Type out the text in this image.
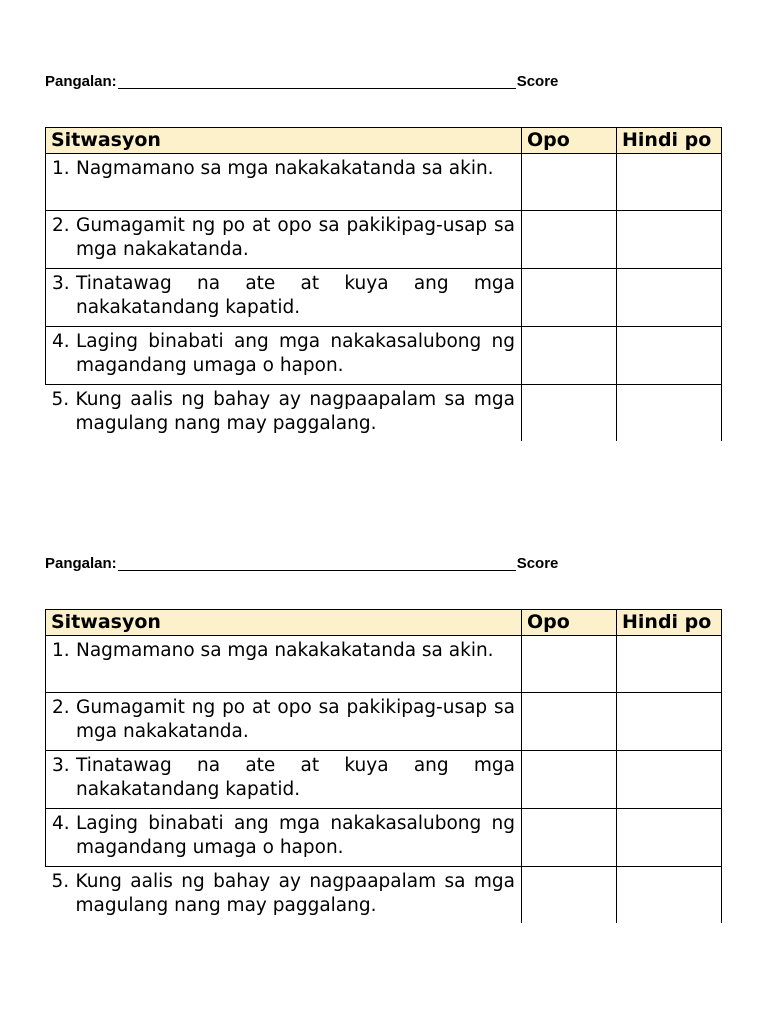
Pangalan:	Score
Sitwasyon	Opo	Hindi po

1. Nagmamano sa mga nakakakatanda sa akin.		

2. Gumagamit ng po at opo sa pakikipag-usap sa mga nakakatanda.		

3. Tinatawag na ate at kuya ang mga nakakatandang kapatid.		

4. Laging binabati ang mga nakakasalubong ng magandang umaga o hapon.		

5. Kung aalis ng bahay ay nagpaapalam sa mga magulang nang may paggalang.		

Pangalan:	Score
Sitwasyon	Opo	Hindi po

1. Nagmamano sa mga nakakakatanda sa akin.		

2. Gumagamit ng po at opo sa pakikipag-usap sa mga nakakatanda.		

3. Tinatawag na ate at kuya ang mga nakakatandang kapatid.		

4. Laging binabati ang mga nakakasalubong ng magandang umaga o hapon.		

5. Kung aalis ng bahay ay nagpaapalam sa mga magulang nang may paggalang.		
